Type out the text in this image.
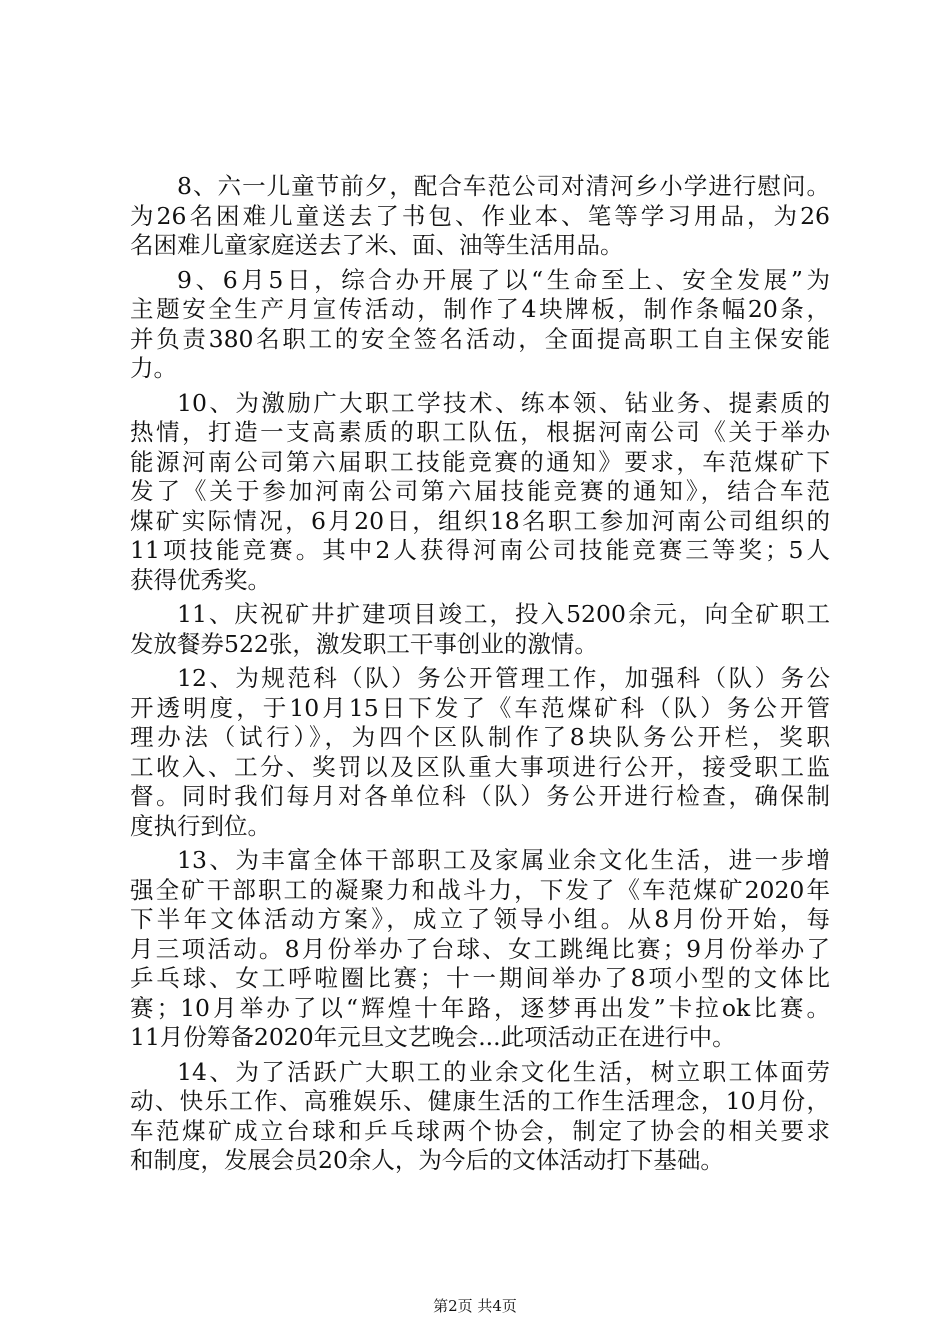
8、六一儿童节前夕，配合车范公司对清河乡小学进行慰问。
为26名困难儿童送去了书包、作业本、笔等学习用品，为26
名困难儿童家庭送去了米、面、油等生活用品。

9、6月5日，综合办开展了以“生命至上、安全发展”为
主题安全生产月宣传活动，制作了4块牌板，制作条幅20条，
并负责380名职工的安全签名活动，全面提高职工自主保安能
力。

10、为激励广大职工学技术、练本领、钻业务、提素质的
热情，打造一支高素质的职工队伍，根据河南公司《关于举办
能源河南公司第六届职工技能竞赛的通知》要求，车范煤矿下
发了《关于参加河南公司第六届技能竞赛的通知》，结合车范
煤矿实际情况，6月20日，组织18名职工参加河南公司组织的
11项技能竞赛。其中2人获得河南公司技能竞赛三等奖；5人
获得优秀奖。

11、庆祝矿井扩建项目竣工，投入5200余元，向全矿职工
发放餐券522张，激发职工干事创业的激情。

12、为规范科（队）务公开管理工作，加强科（队）务公
开透明度，于10月15日下发了《车范煤矿科（队）务公开管
理办法（试行）》，为四个区队制作了8块队务公开栏，奖职
工收入、工分、奖罚以及区队重大事项进行公开，接受职工监
督。同时我们每月对各单位科（队）务公开进行检查，确保制
度执行到位。

13、为丰富全体干部职工及家属业余文化生活，进一步增
强全矿干部职工的凝聚力和战斗力，下发了《车范煤矿2020年
下半年文体活动方案》，成立了领导小组。从8月份开始，每
月三项活动。8月份举办了台球、女工跳绳比赛；9月份举办了
乒乓球、女工呼啦圈比赛；十一期间举办了8项小型的文体比
赛；10月举办了以“辉煌十年路，逐梦再出发”卡拉ok比赛。
11月份筹备2020年元旦文艺晚会...此项活动正在进行中。

14、为了活跃广大职工的业余文化生活，树立职工体面劳
动、快乐工作、高雅娱乐、健康生活的工作生活理念，10月份，
车范煤矿成立台球和乒乓球两个协会，制定了协会的相关要求
和制度，发展会员20余人，为今后的文体活动打下基础。

第2页 共4页
